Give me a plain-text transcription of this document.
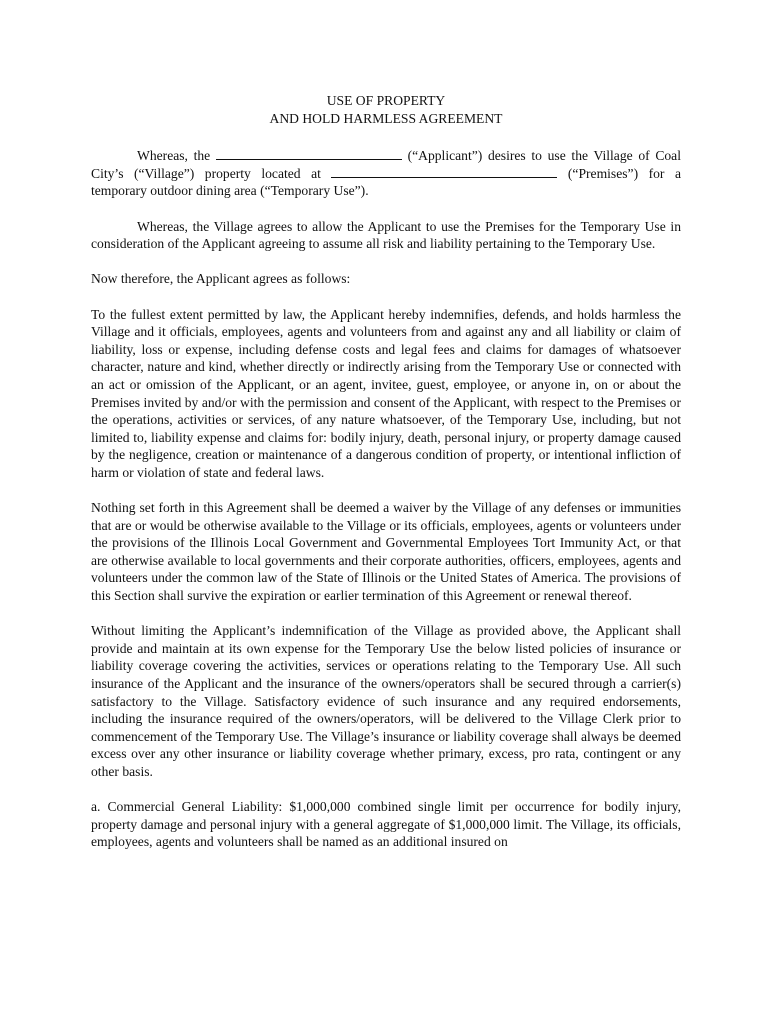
USE OF PROPERTY
AND HOLD HARMLESS AGREEMENT

Whereas, the	(“Applicant”) desires to use the Village of Coal City’s (“Village”) property located at	(“Premises”) for a temporary outdoor dining area (“Temporary Use”).

Whereas, the Village agrees to allow the Applicant to use the Premises for the Temporary Use in consideration of the Applicant agreeing to assume all risk and liability pertaining to the Temporary Use.

Now therefore, the Applicant agrees as follows:

To the fullest extent permitted by law, the Applicant hereby indemnifies, defends, and holds harmless the Village and it officials, employees, agents and volunteers from and against any and all liability or claim of liability, loss or expense, including defense costs and legal fees and claims for damages of whatsoever character, nature and kind, whether directly or indirectly arising from the Temporary Use or connected with an act or omission of the Applicant, or an agent, invitee, guest, employee, or anyone in, on or about the Premises invited by and/or with the permission and consent of the Applicant, with respect to the Premises or the operations, activities or services, of any nature whatsoever, of the Temporary Use, including, but not limited to, liability expense and claims for: bodily injury, death, personal injury, or property damage caused by the negligence, creation or maintenance of a dangerous condition of property, or intentional infliction of harm or violation of state and federal laws.

Nothing set forth in this Agreement shall be deemed a waiver by the Village of any defenses or immunities that are or would be otherwise available to the Village or its officials, employees, agents or volunteers under the provisions of the Illinois Local Government and Governmental Employees Tort Immunity Act, or that are otherwise available to local governments and their corporate authorities, officers, employees, agents and volunteers under the common law of the State of Illinois or the United States of America. The provisions of this Section shall survive the expiration or earlier termination of this Agreement or renewal thereof.

Without limiting the Applicant’s indemnification of the Village as provided above, the Applicant shall provide and maintain at its own expense for the Temporary Use the below listed policies of insurance or liability coverage covering the activities, services or operations relating to the Temporary Use. All such insurance of the Applicant and the insurance of the owners/operators shall be secured through a carrier(s) satisfactory to the Village. Satisfactory evidence of such insurance and any required endorsements, including the insurance required of the owners/operators, will be delivered to the Village Clerk prior to commencement of the Temporary Use. The Village’s insurance or liability coverage shall always be deemed excess over any other insurance or liability coverage whether primary, excess, pro rata, contingent or any other basis.

a. Commercial General Liability: $1,000,000 combined single limit per occurrence for bodily injury, property damage and personal injury with a general aggregate of $1,000,000 limit. The Village, its officials, employees, agents and volunteers shall be named as an additional insured on
